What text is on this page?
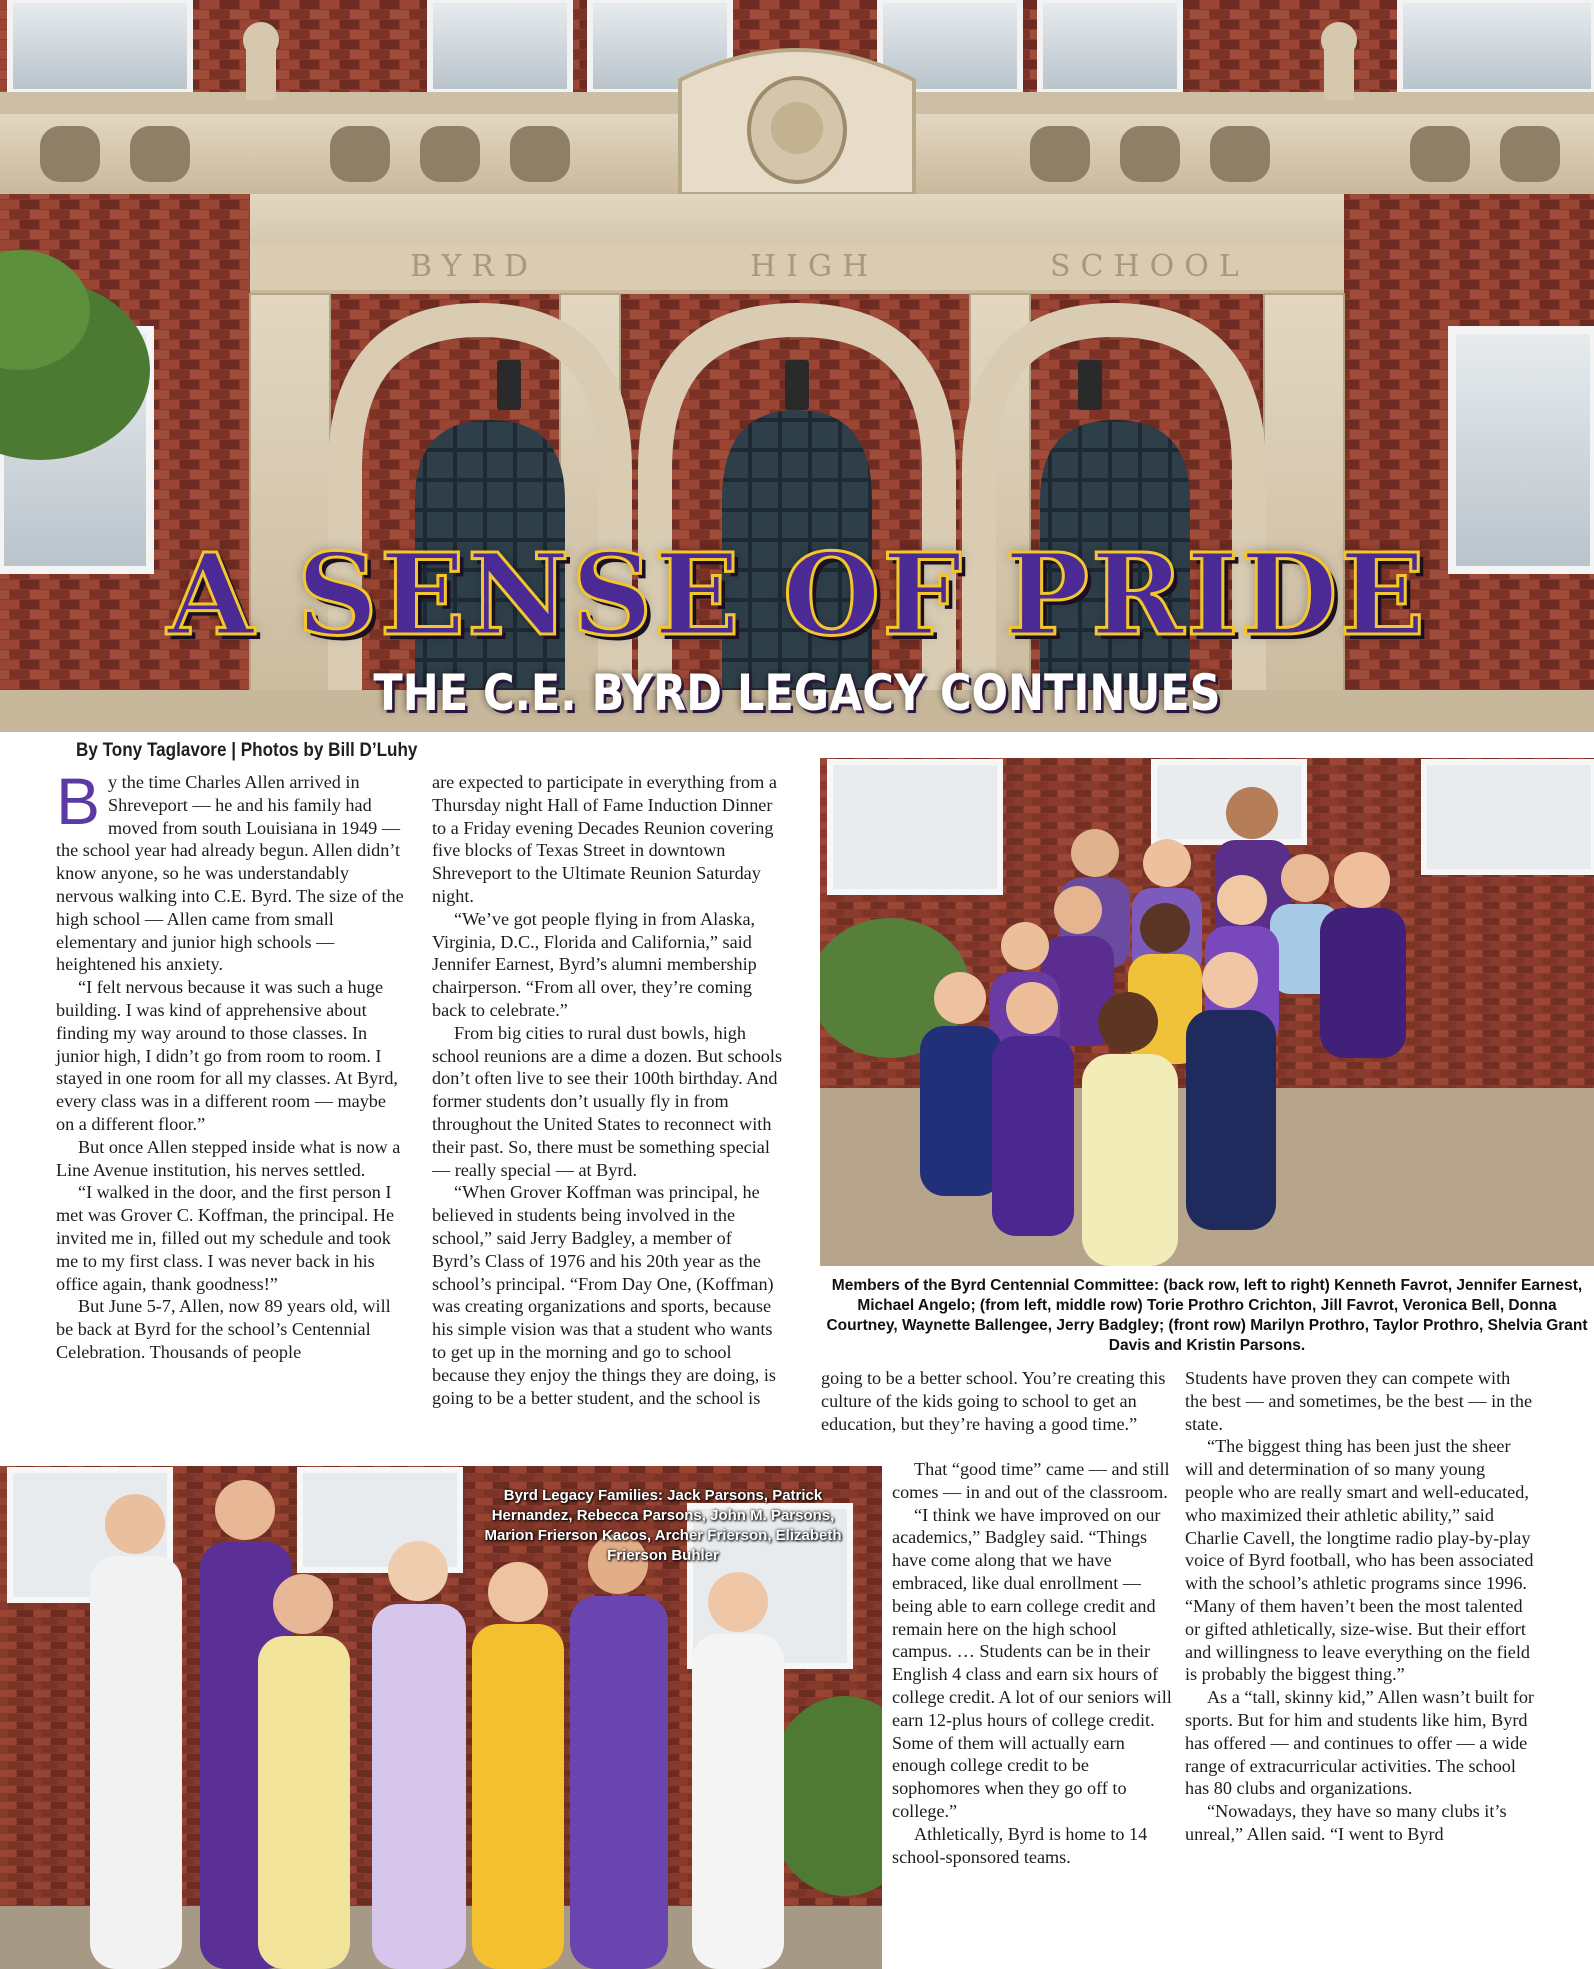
BYRD	HIGH	SCHOOL
A SENSE OF PRIDE
THE C.E. BYRD LEGACY CONTINUES
By Tony Taglavore | Photos by Bill D’Luhy

By the time Charles Allen arrived in Shreveport — he and his family had moved from south Louisiana in 1949 — the school year had already begun. Allen didn’t know anyone, so he was understandably nervous walking into C.E. Byrd. The size of the high school — Allen came from small elementary and junior high schools — heightened his anxiety.

“I felt nervous because it was such a huge building. I was kind of apprehensive about finding my way around to those classes. In junior high, I didn’t go from room to room. I stayed in one room for all my classes. At Byrd, every class was in a different room — maybe on a different floor.”

But once Allen stepped inside what is now a Line Avenue institution, his nerves settled.

“I walked in the door, and the first person I met was Grover C. Koffman, the principal. He invited me in, filled out my schedule and took me to my first class. I was never back in his office again, thank goodness!”

But June 5-7, Allen, now 89 years old, will be back at Byrd for the school’s Centennial Celebration. Thousands of people

are expected to participate in everything from a Thursday night Hall of Fame Induction Dinner to a Friday evening Decades Reunion covering five blocks of Texas Street in downtown Shreveport to the Ultimate Reunion Saturday night.

“We’ve got people flying in from Alaska, Virginia, D.C., Florida and California,” said Jennifer Earnest, Byrd’s alumni membership chairperson. “From all over, they’re coming back to celebrate.”

From big cities to rural dust bowls, high school reunions are a dime a dozen. But schools don’t often live to see their 100th birthday. And former students don’t usually fly in from throughout the United States to reconnect with their past. So, there must be something special — really special — at Byrd.

“When Grover Koffman was principal, he believed in students being involved in the school,” said Jerry Badgley, a member of Byrd’s Class of 1976 and his 20th year as the school’s principal. “From Day One, (Koffman) was creating organizations and sports, because his simple vision was that a student who wants to get up in the morning and go to school because they enjoy the things they are doing, is going to be a better student, and the school is

Members of the Byrd Centennial Committee: (back row, left to right) Kenneth Favrot, Jennifer Earnest, Michael Angelo; (from left, middle row) Torie Prothro Crichton, Jill Favrot, Veronica Bell, Donna Courtney, Waynette Ballengee, Jerry Badgley; (front row) Marilyn Prothro, Taylor Prothro, Shelvia Grant Davis and Kristin Parsons.

going to be a better school. You’re creating this culture of the kids going to school to get an education, but they’re having a good time.”

That “good time” came — and still comes — in and out of the classroom.

“I think we have improved on our academics,” Badgley said. “Things have come along that we have embraced, like dual enrollment — being able to earn college credit and remain here on the high school campus. … Students can be in their English 4 class and earn six hours of college credit. A lot of our seniors will earn 12-plus hours of college credit. Some of them will actually earn enough college credit to be sophomores when they go off to college.”

Athletically, Byrd is home to 14 school-sponsored teams.

Students have proven they can compete with the best — and sometimes, be the best — in the state.

“The biggest thing has been just the sheer will and determination of so many young people who are really smart and well-educated, who maximized their athletic ability,” said Charlie Cavell, the longtime radio play-by-play voice of Byrd football, who has been associated with the school’s athletic programs since 1996. “Many of them haven’t been the most talented or gifted athletically, size-wise. But their effort and willingness to leave everything on the field is probably the biggest thing.”

As a “tall, skinny kid,” Allen wasn’t built for sports. But for him and students like him, Byrd has offered — and continues to offer — a wide range of extracurricular activities. The school has 80 clubs and organizations.

“Nowadays, they have so many clubs it’s unreal,” Allen said. “I went to Byrd

Byrd Legacy Families: Jack Parsons, Patrick Hernandez, Rebecca Parsons, John M. Parsons, Marion Frierson Kacos, Archer Frierson, Elizabeth Frierson Buhler
